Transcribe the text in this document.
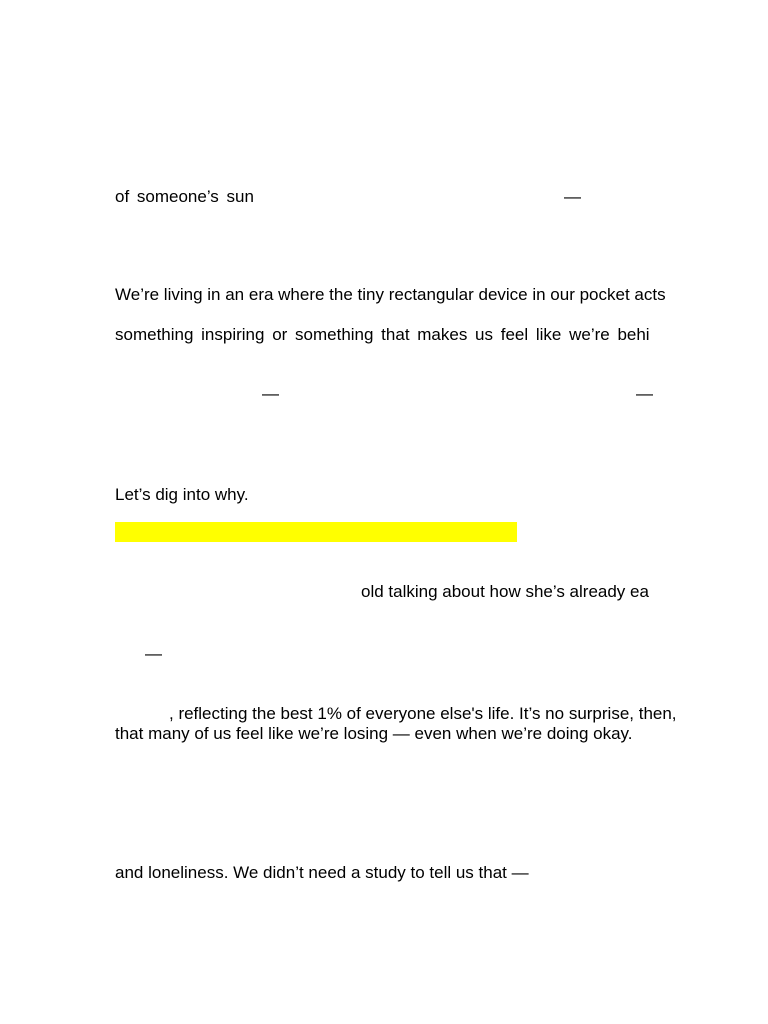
of someone’s sun	—
We’re living in an era where the tiny rectangular device in our pocket acts
something inspiring or something that makes us feel like we’re behi
—	—
Let’s dig into why.
old talking about how she’s already ea
—
, reflecting the best 1% of everyone else's life. It’s no surprise, then,
that many of us feel like we’re losing — even when we’re doing okay.
and loneliness. We didn’t need a study to tell us that —
